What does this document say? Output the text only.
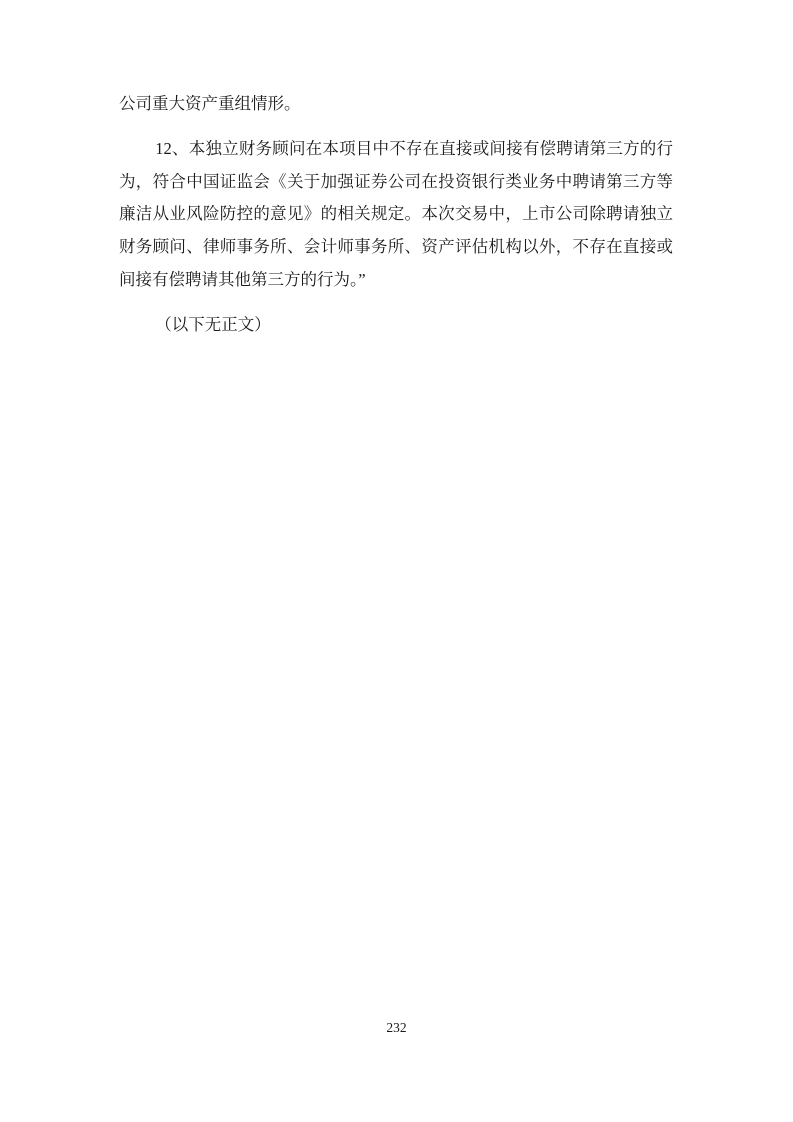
公司重大资产重组情形。

12、本独立财务顾问在本项目中不存在直接或间接有偿聘请第三方的行为，符合中国证监会《关于加强证券公司在投资银行类业务中聘请第三方等廉洁从业风险防控的意见》的相关规定。本次交易中，上市公司除聘请独立财务顾问、律师事务所、会计师事务所、资产评估机构以外，不存在直接或间接有偿聘请其他第三方的行为。”

（以下无正文）

232
